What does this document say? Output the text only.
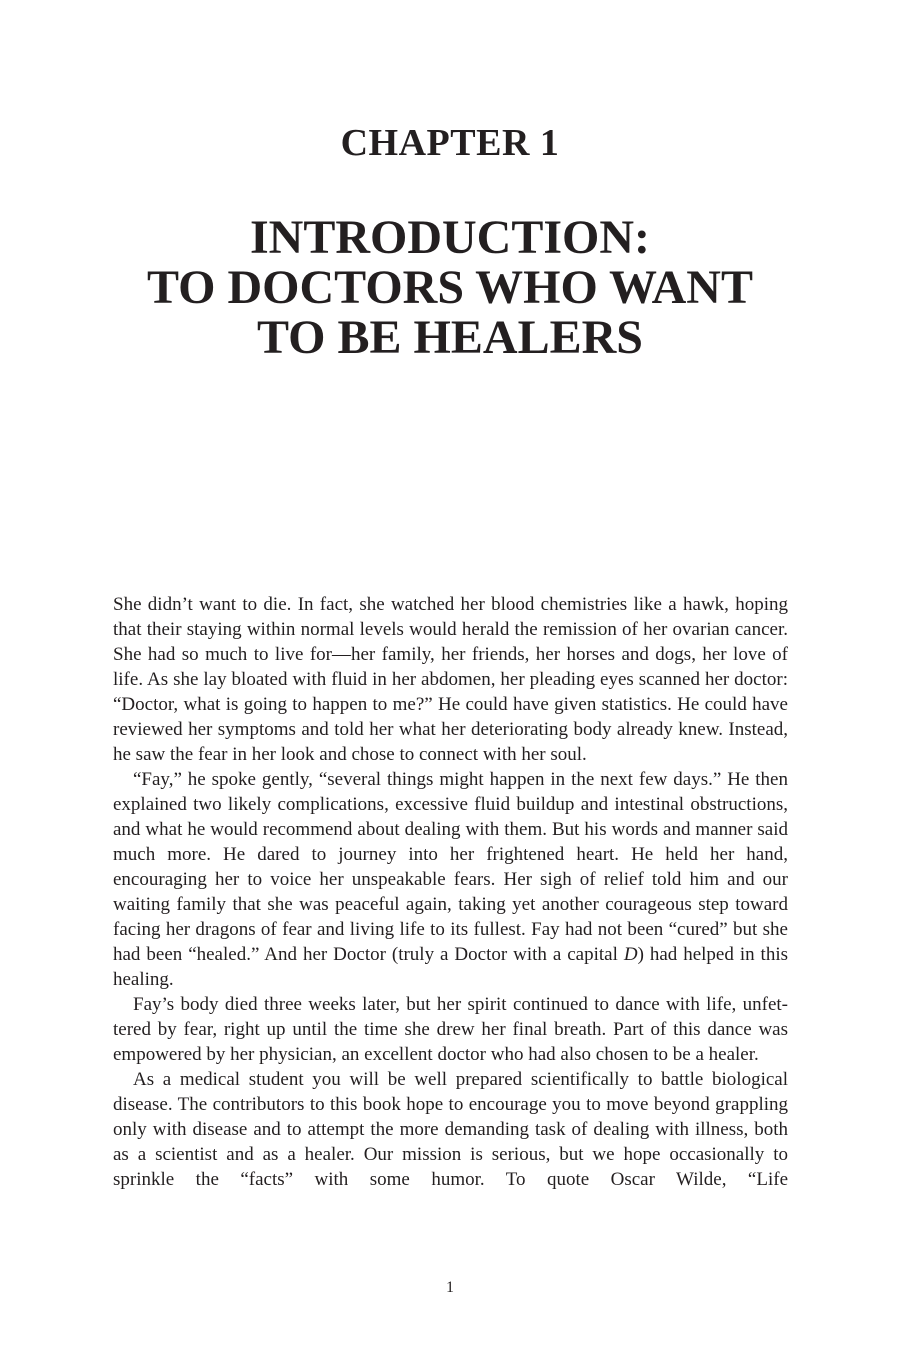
CHAPTER 1
INTRODUCTION:
TO DOCTORS WHO WANT
TO BE HEALERS

She didn’t want to die. In fact, she watched her blood chemistries like a hawk, hoping that their staying within normal levels would herald the remission of her ovarian cancer. She had so much to live for—her family, her friends, her horses and dogs, her love of life. As she lay bloated with fluid in her abdomen, her pleading eyes scanned her doctor: “Doctor, what is going to happen to me?” He could have given statistics. He could have reviewed her symptoms and told her what her deteriorating body already knew. Instead, he saw the fear in her look and chose to connect with her soul.

“Fay,” he spoke gently, “several things might happen in the next few days.” He then explained two likely complications, excessive fluid buildup and intestinal obstructions, and what he would recommend about dealing with them. But his words and manner said much more. He dared to journey into her frightened heart. He held her hand, encouraging her to voice her unspeakable fears. Her sigh of relief told him and our waiting family that she was peaceful again, taking yet another courageous step toward facing her dragons of fear and living life to its fullest. Fay had not been “cured” but she had been “healed.” And her Doctor (truly a Doctor with a capital D) had helped in this healing.

Fay’s body died three weeks later, but her spirit continued to dance with life, unfettered by fear, right up until the time she drew her final breath. Part of this dance was empowered by her physician, an excellent doctor who had also chosen to be a healer.

As a medical student you will be well prepared scientifically to battle biological disease. The contributors to this book hope to encourage you to move beyond grappling only with disease and to attempt the more demanding task of dealing with illness, both as a scientist and as a healer. Our mission is serious, but we hope occasionally to sprinkle the “facts” with some humor. To quote Oscar Wilde, “Life

1
